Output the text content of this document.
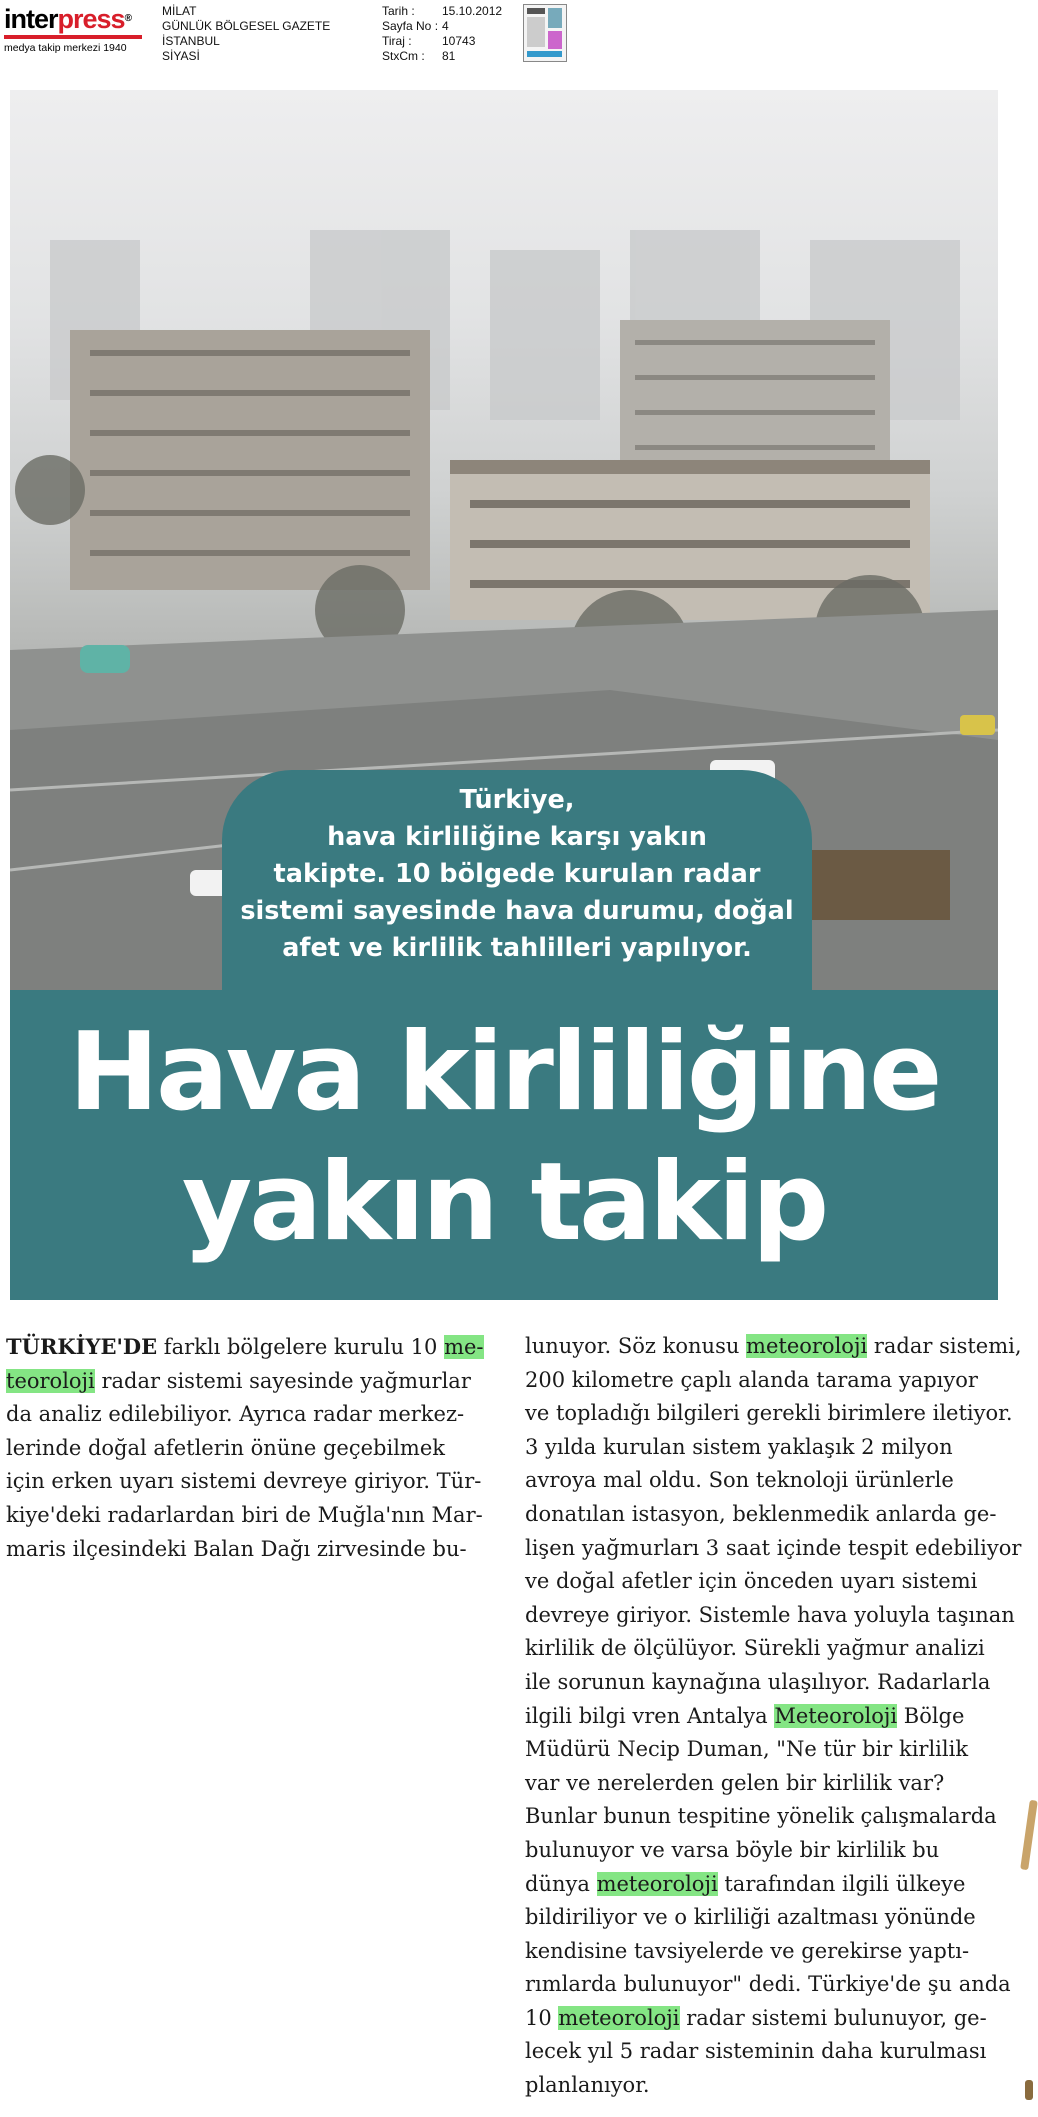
interpress®
medya takip merkezi 1940
MİLAT
GÜNLÜK BÖLGESEL GAZETE
İSTANBUL
SİYASİ
Tarih : 15.10.2012
Sayfa No : 4
Tiraj :	10743
StxCm : 81
Türkiye,
hava kirliliğine karşı yakın
takipte. 10 bölgede kurulan radar
sistemi sayesinde hava durumu, doğal
afet ve kirlilik tahlilleri yapılıyor.
Hava kirliliğine
yakın takip
TÜRKİYE'DE farklı bölgelere kurulu 10 me-
teoroloji radar sistemi sayesinde yağmurlar
da analiz edilebiliyor. Ayrıca radar merkez-
lerinde doğal afetlerin önüne geçebilmek
için erken uyarı sistemi devreye giriyor. Tür-
kiye'deki radarlardan biri de Muğla'nın Mar-
maris ilçesindeki Balan Dağı zirvesinde bu-
lunuyor. Söz konusu meteoroloji radar sistemi,
200 kilometre çaplı alanda tarama yapıyor
ve topladığı bilgileri gerekli birimlere iletiyor.
3 yılda kurulan sistem yaklaşık 2 milyon
avroya mal oldu. Son teknoloji ürünlerle
donatılan istasyon, beklenmedik anlarda ge-
lişen yağmurları 3 saat içinde tespit edebiliyor
ve doğal afetler için önceden uyarı sistemi
devreye giriyor. Sistemle hava yoluyla taşınan
kirlilik de ölçülüyor. Sürekli yağmur analizi
ile sorunun kaynağına ulaşılıyor. Radarlarla
ilgili bilgi vren Antalya Meteoroloji Bölge
Müdürü Necip Duman, "Ne tür bir kirlilik
var ve nerelerden gelen bir kirlilik var?
Bunlar bunun tespitine yönelik çalışmalarda
bulunuyor ve varsa böyle bir kirlilik bu
dünya meteoroloji tarafından ilgili ülkeye
bildiriliyor ve o kirliliği azaltması yönünde
kendisine tavsiyelerde ve gerekirse yaptı-
rımlarda bulunuyor" dedi. Türkiye'de şu anda
10 meteoroloji radar sistemi bulunuyor, ge-
lecek yıl 5 radar sisteminin daha kurulması
planlanıyor.
